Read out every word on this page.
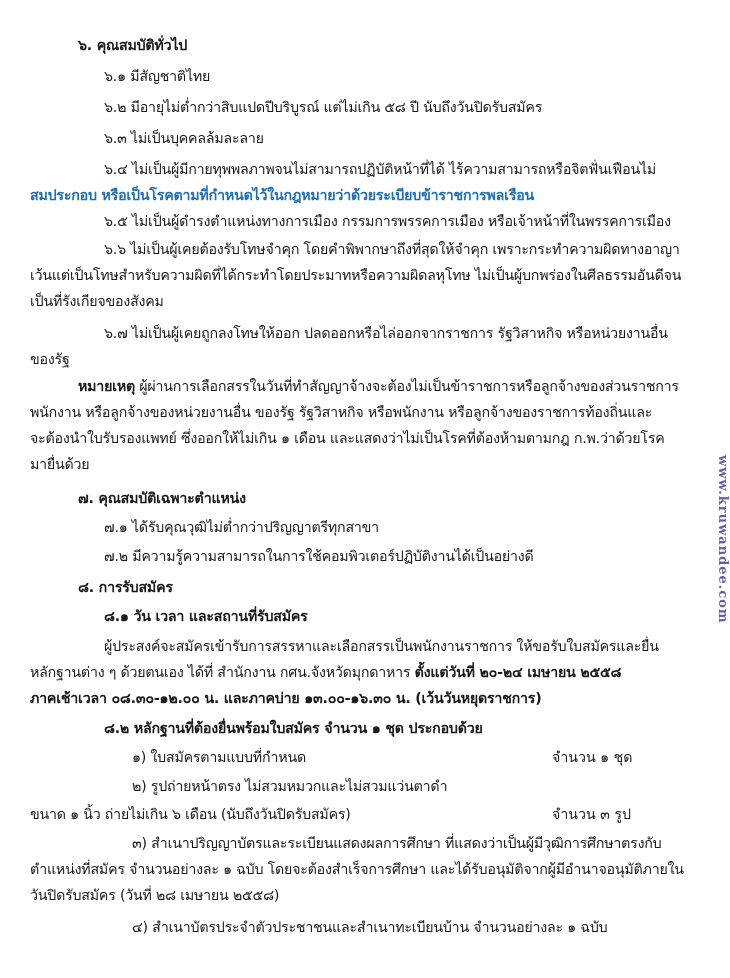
๖. คุณสมบัติทั่วไป
๖.๑ มีสัญชาติไทย
๖.๒ มีอายุไม่ต่ำกว่าสิบแปดปีบริบูรณ์ แต่ไม่เกิน ๕๘ ปี นับถึงวันปิดรับสมัคร
๖.๓ ไม่เป็นบุคคลล้มละลาย
๖.๔ ไม่เป็นผู้มีกายทุพพลภาพจนไม่สามารถปฏิบัติหน้าที่ได้ ไร้ความสามารถหรือจิตฟั่นเฟือนไม่
สมประกอบ หรือเป็นโรคตามที่กำหนดไว้ในกฎหมายว่าด้วยระเบียบข้าราชการพลเรือน
๖.๕ ไม่เป็นผู้ดำรงตำแหน่งทางการเมือง กรรมการพรรคการเมือง หรือเจ้าหน้าที่ในพรรคการเมือง
๖.๖ ไม่เป็นผู้เคยต้องรับโทษจำคุก โดยคำพิพากษาถึงที่สุดให้จำคุก เพราะกระทำความผิดทางอาญา
เว้นแต่เป็นโทษสำหรับความผิดที่ได้กระทำโดยประมาทหรือความผิดลหุโทษ ไม่เป็นผู้บกพร่องในศีลธรรมอันดีจน
เป็นที่รังเกียจของสังคม
๖.๗ ไม่เป็นผู้เคยถูกลงโทษให้ออก ปลดออกหรือไล่ออกจากราชการ รัฐวิสาหกิจ หรือหน่วยงานอื่น
ของรัฐ
หมายเหตุ ผู้ผ่านการเลือกสรรในวันที่ทำสัญญาจ้างจะต้องไม่เป็นข้าราชการหรือลูกจ้างของส่วนราชการ
พนักงาน หรือลูกจ้างของหน่วยงานอื่น ของรัฐ รัฐวิสาหกิจ หรือพนักงาน หรือลูกจ้างของราชการท้องถิ่นและ
จะต้องนำใบรับรองแพทย์ ซึ่งออกให้ไม่เกิน ๑ เดือน และแสดงว่าไม่เป็นโรคที่ต้องห้ามตามกฎ ก.พ.ว่าด้วยโรค
มายื่นด้วย
๗. คุณสมบัติเฉพาะตำแหน่ง
๗.๑ ได้รับคุณวุฒิไม่ต่ำกว่าปริญญาตรีทุกสาขา
๗.๒ มีความรู้ความสามารถในการใช้คอมพิวเตอร์ปฏิบัติงานได้เป็นอย่างดี
๘. การรับสมัคร
๘.๑ วัน เวลา และสถานที่รับสมัคร
ผู้ประสงค์จะสมัครเข้ารับการสรรหาและเลือกสรรเป็นพนักงานราชการ ให้ขอรับใบสมัครและยื่น
หลักฐานต่าง ๆ ด้วยตนเอง ได้ที่ สำนักงาน กศน.จังหวัดมุกดาหาร ตั้งแต่วันที่ ๒๐-๒๔ เมษายน ๒๕๕๘
ภาคเช้าเวลา ๐๘.๓๐-๑๒.๐๐ น. และภาคบ่าย ๑๓.๐๐-๑๖.๓๐ น. (เว้นวันหยุดราชการ)
๘.๒ หลักฐานที่ต้องยื่นพร้อมใบสมัคร จำนวน ๑ ชุด ประกอบด้วย
๑) ใบสมัครตามแบบที่กำหนด	จำนวน ๑ ชุด
๒) รูปถ่ายหน้าตรง ไม่สวมหมวกและไม่สวมแว่นตาดำ
ขนาด ๑ นิ้ว ถ่ายไม่เกิน ๖ เดือน (นับถึงวันปิดรับสมัคร)	จำนวน ๓ รูป
๓) สำเนาปริญญาบัตรและระเบียนแสดงผลการศึกษา ที่แสดงว่าเป็นผู้มีวุฒิการศึกษาตรงกับ
ตำแหน่งที่สมัคร จำนวนอย่างละ ๑ ฉบับ โดยจะต้องสำเร็จการศึกษา และได้รับอนุมัติจากผู้มีอำนาจอนุมัติภายใน
วันปิดรับสมัคร (วันที่ ๒๘ เมษายน ๒๕๕๘)
๔) สำเนาบัตรประจำตัวประชาชนและสำเนาทะเบียนบ้าน จำนวนอย่างละ ๑ ฉบับ
www.kruwandee.com
